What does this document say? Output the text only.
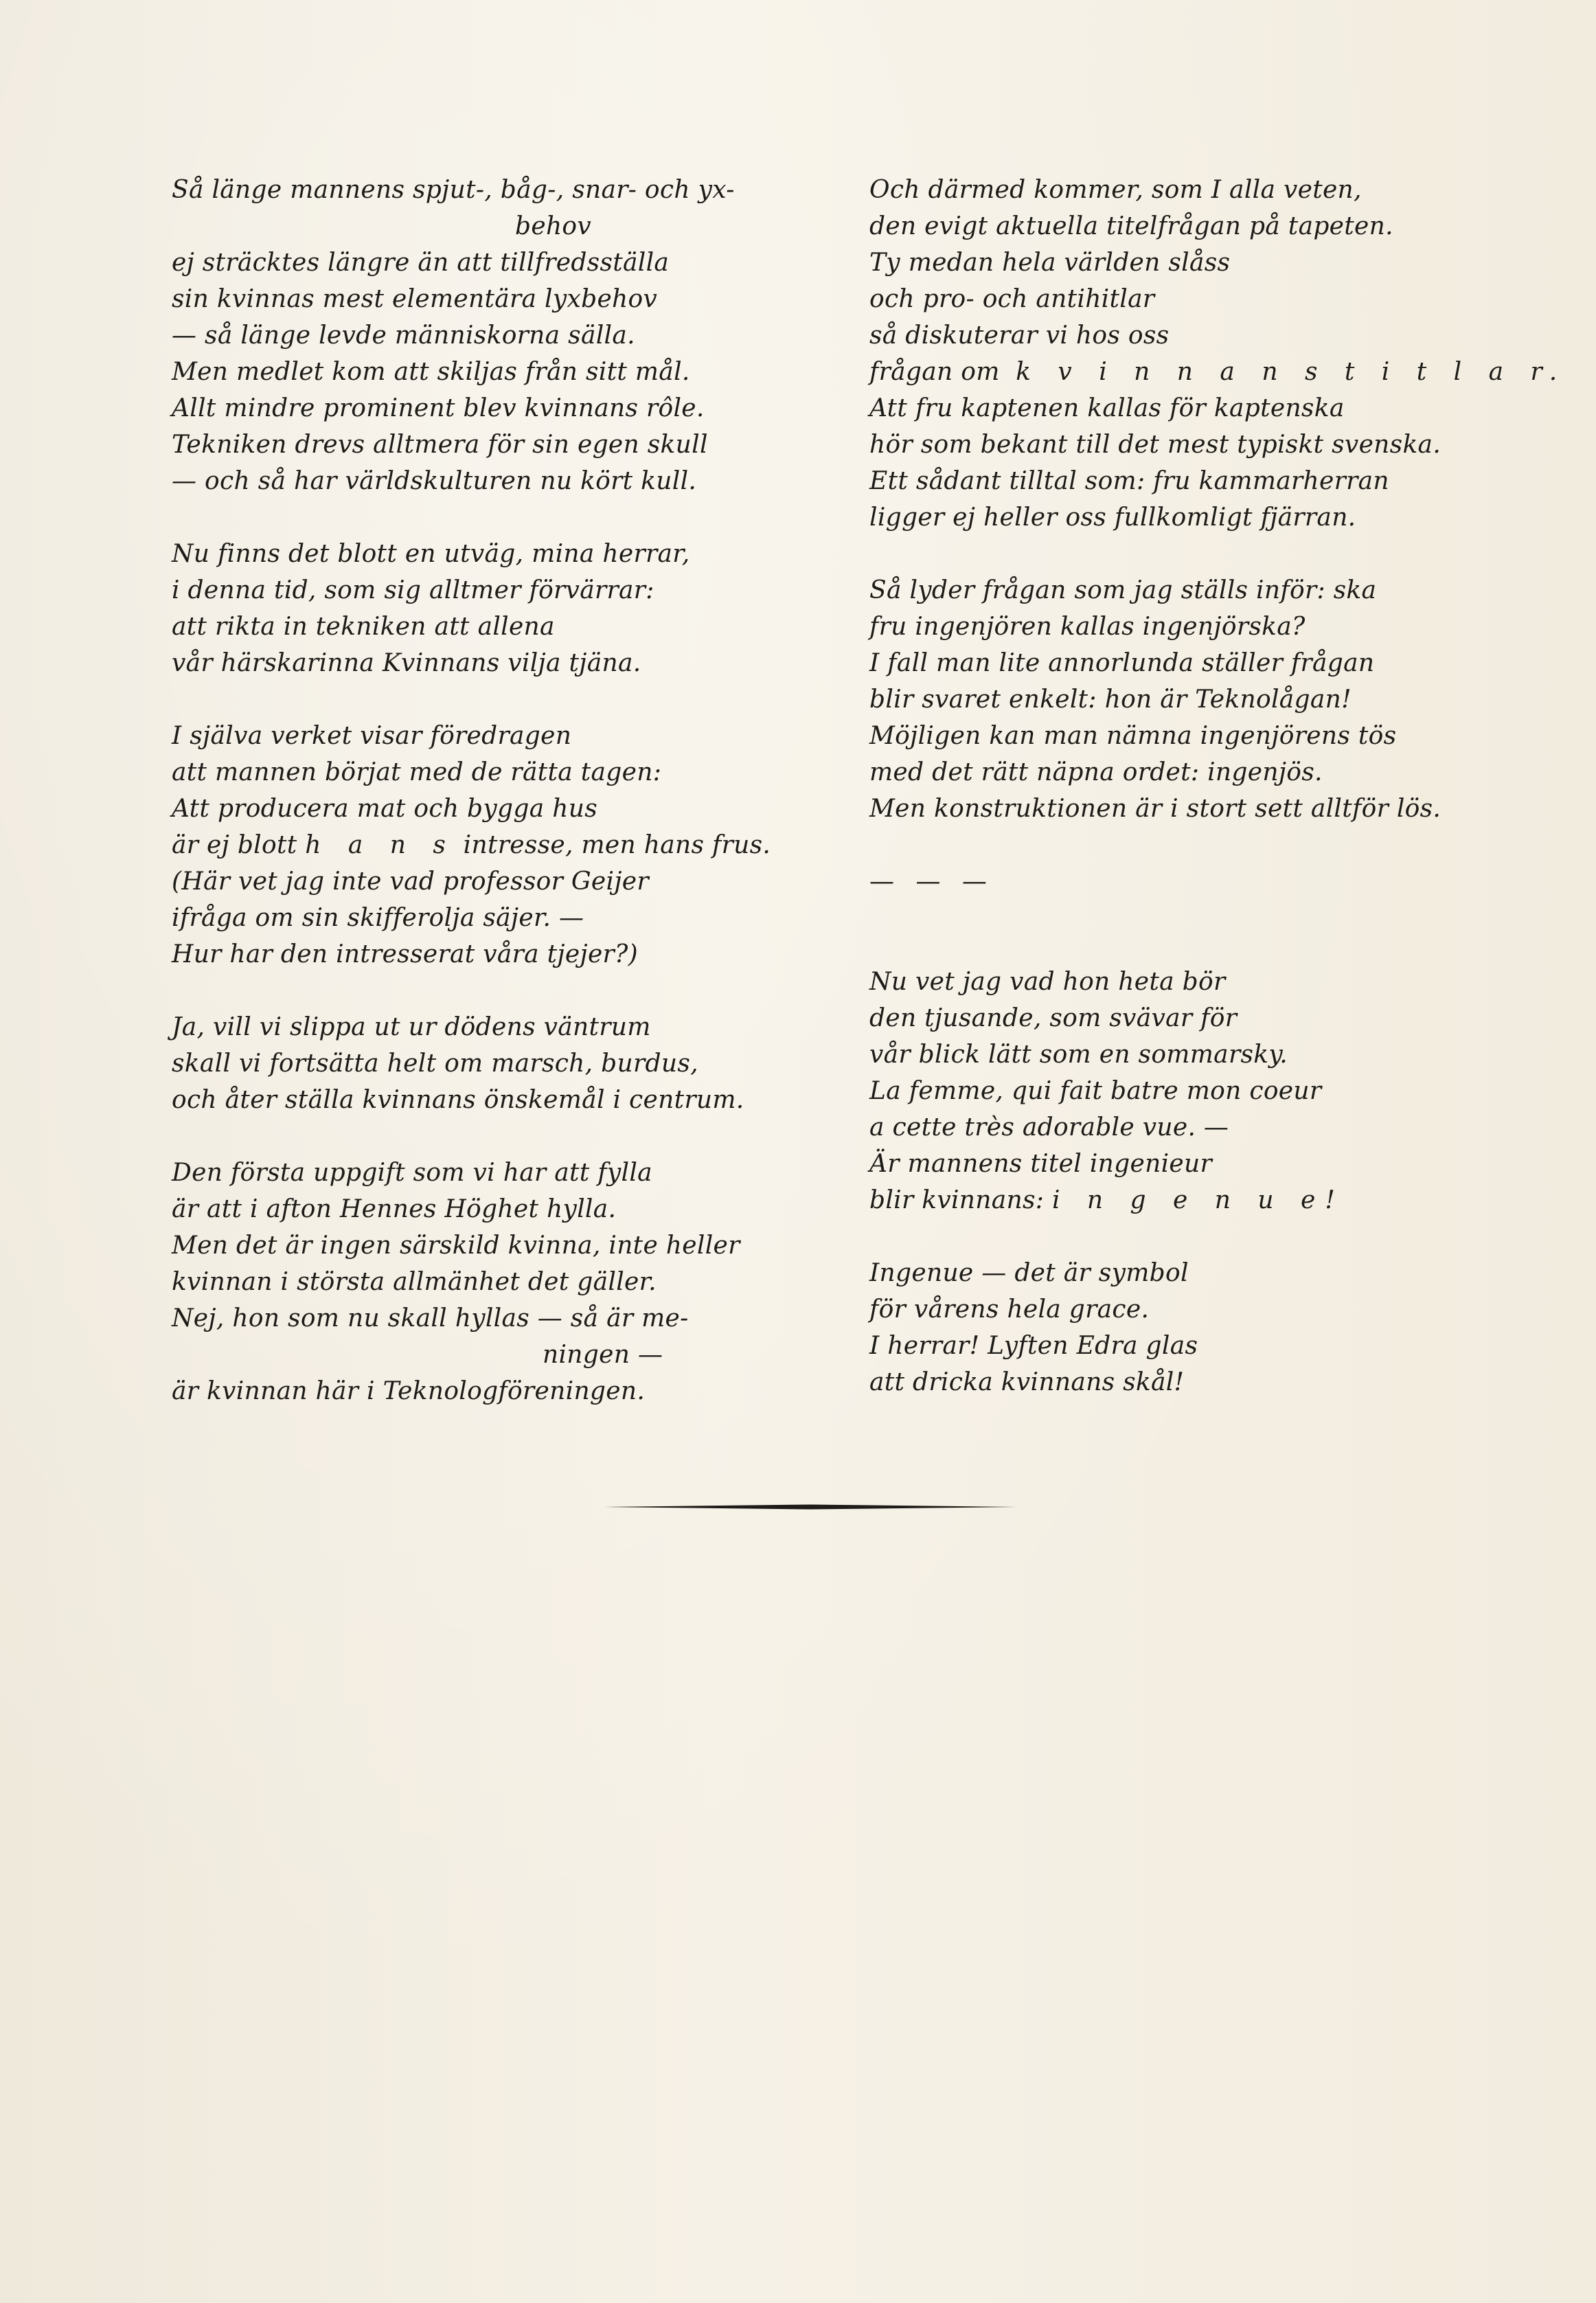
Så länge mannens spjut-, båg-, snar- och yx-
behov
ej sträcktes längre än att tillfredsställa
sin kvinnas mest elementära lyxbehov
— så länge levde människorna sälla.
Men medlet kom att skiljas från sitt mål.
Allt mindre prominent blev kvinnans rôle.
Tekniken drevs alltmera för sin egen skull
— och så har världskulturen nu kört kull.
Nu finns det blott en utväg, mina herrar,
i denna tid, som sig alltmer förvärrar:
att rikta in tekniken att allena
vår härskarinna Kvinnans vilja tjäna.
I själva verket visar föredragen
att mannen börjat med de rätta tagen:
Att producera mat och bygga hus
är ej blott h a n s intresse, men hans frus.
(Här vet jag inte vad professor Geijer
ifråga om sin skifferolja säjer. —
Hur har den intresserat våra tjejer?)
Ja, vill vi slippa ut ur dödens väntrum
skall vi fortsätta helt om marsch, burdus,
och åter ställa kvinnans önskemål i centrum.
Den första uppgift som vi har att fylla
är att i afton Hennes Höghet hylla.
Men det är ingen särskild kvinna, inte heller
kvinnan i största allmänhet det gäller.
Nej, hon som nu skall hyllas — så är me-
ningen —
är kvinnan här i Teknologföreningen.
Och därmed kommer, som I alla veten,
den evigt aktuella titelfrågan på tapeten.
Ty medan hela världen slåss
och pro- och antihitlar
så diskuterar vi hos oss
frågan om k v i n n a n s t i t l a r.
Att fru kaptenen kallas för kaptenska
hör som bekant till det mest typiskt svenska.
Ett sådant tilltal som: fru kammarherran
ligger ej heller oss fullkomligt fjärran.
Så lyder frågan som jag ställs inför: ska
fru ingenjören kallas ingenjörska?
I fall man lite annorlunda ställer frågan
blir svaret enkelt: hon är Teknolågan!
Möjligen kan man nämna ingenjörens tös
med det rätt näpna ordet: ingenjös.
Men konstruktionen är i stort sett alltför lös.
— — —
Nu vet jag vad hon heta bör
den tjusande, som svävar för
vår blick lätt som en sommarsky.
La femme, qui fait batre mon coeur
a cette très adorable vue. —
Är mannens titel ingenieur
blir kvinnans: i n g e n u e!
Ingenue — det är symbol
för vårens hela grace.
I herrar! Lyften Edra glas
att dricka kvinnans skål!
